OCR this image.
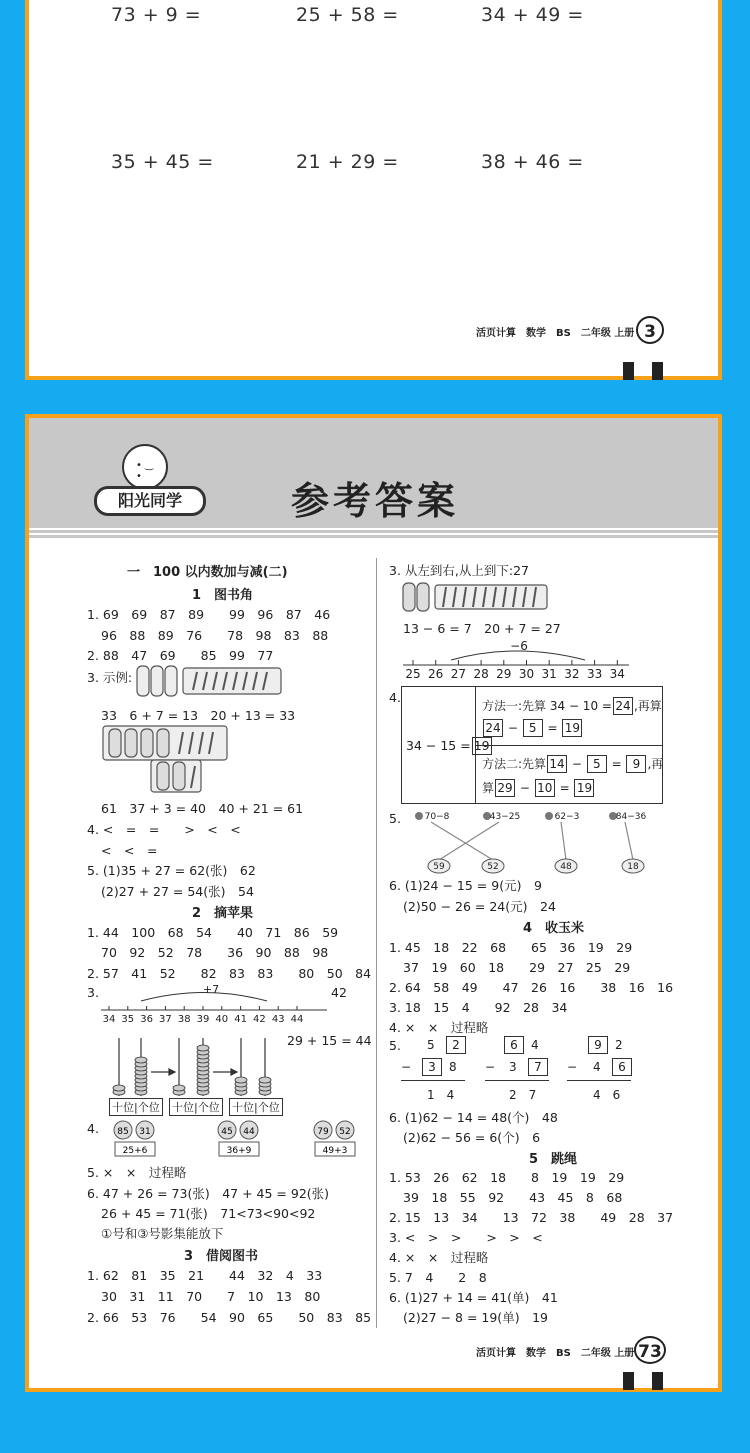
73 + 9 =	25 + 58 =	34 + 49 =
35 + 45 =	21 + 29 =	38 + 46 =
活页计算　数学　BS　二年级 上册 3
• ‿ •
阳光同学	参考答案
一　100 以内数加与减(二)
1　图书角
1. 69　69　87　89　　99　96　87　46
96　88　89　76　　78　98　83　88
2. 88　47　69　　85　99　77
3. 示例:
33　6 + 7 = 13　20 + 13 = 33
61　37 + 3 = 40　40 + 21 = 61
4. <　=　=　　>　<　<
<　<　=
5. (1)35 + 27 = 62(张)　62
(2)27 + 27 = 54(张)　54
2　摘苹果
1. 44　100　68　54　　40　71　86　59
70　92　52　78　　36　90　88　98
2. 57　41　52　　82　83　83　　80　50　84
3.	42
+7
34 35 36 37 38 39 40 41 42 43 44
29 + 15 = 44
十位|个位 十位|个位 十位|个位
4. 85 31
25+6
45 44
36+9
79 52
49+3
5. ×　×　过程略
6. 47 + 26 = 73(张)　47 + 45 = 92(张)
26 + 45 = 71(张)　71<73<90<92
①号和③号影集能放下
3　借阅图书
1. 62　81　35　21　　44　32　4　33
30　31　11　70　　7　10　13　80
2. 66　53　76　　54　90　65　　50　83　85
3. 从左到右,从上到下:27
13 − 6 = 7　20 + 7 = 27
−6
25 26 27 28 29 30 31 32 33 34
4.
34 − 15 = 19
方法一:先算 34 − 10 = 24 ,再算
24 − 5 = 19
方法二:先算 14 − 5 = 9 ,再
算 29 − 10 = 19
5.	70−8	43−25	62−3	84−36
59	52	48	18
6. (1)24 − 15 = 9(元)　9
(2)50 − 26 = 24(元)　24
4　收玉米
1. 45　18　22　68　　65　36　19　29
37　19　60　18　　29　27　25　29
2. 64　58　49　　47　26　16　　38　16　16
3. 18　15　4　　92　28　34
4. ×　×　过程略
5. 5	2
−	3	8
1　4
6	4
− 3	7
2　7
9	2
− 4	6
4　6
6. (1)62 − 14 = 48(个)　48
(2)62 − 56 = 6(个)　6
5　跳绳
1. 53　26　62　18　　8　19　19　29
39　18　55　92　　43　45　8　68
2. 15　13　34　　13　72　38　　49　28　37
3. <　>　>　　>　>　<
4. ×　×　过程略
5. 7　4　　2　8
6. (1)27 + 14 = 41(单)　41
(2)27 − 8 = 19(单)　19
活页计算　数学　BS　二年级 上册 73
